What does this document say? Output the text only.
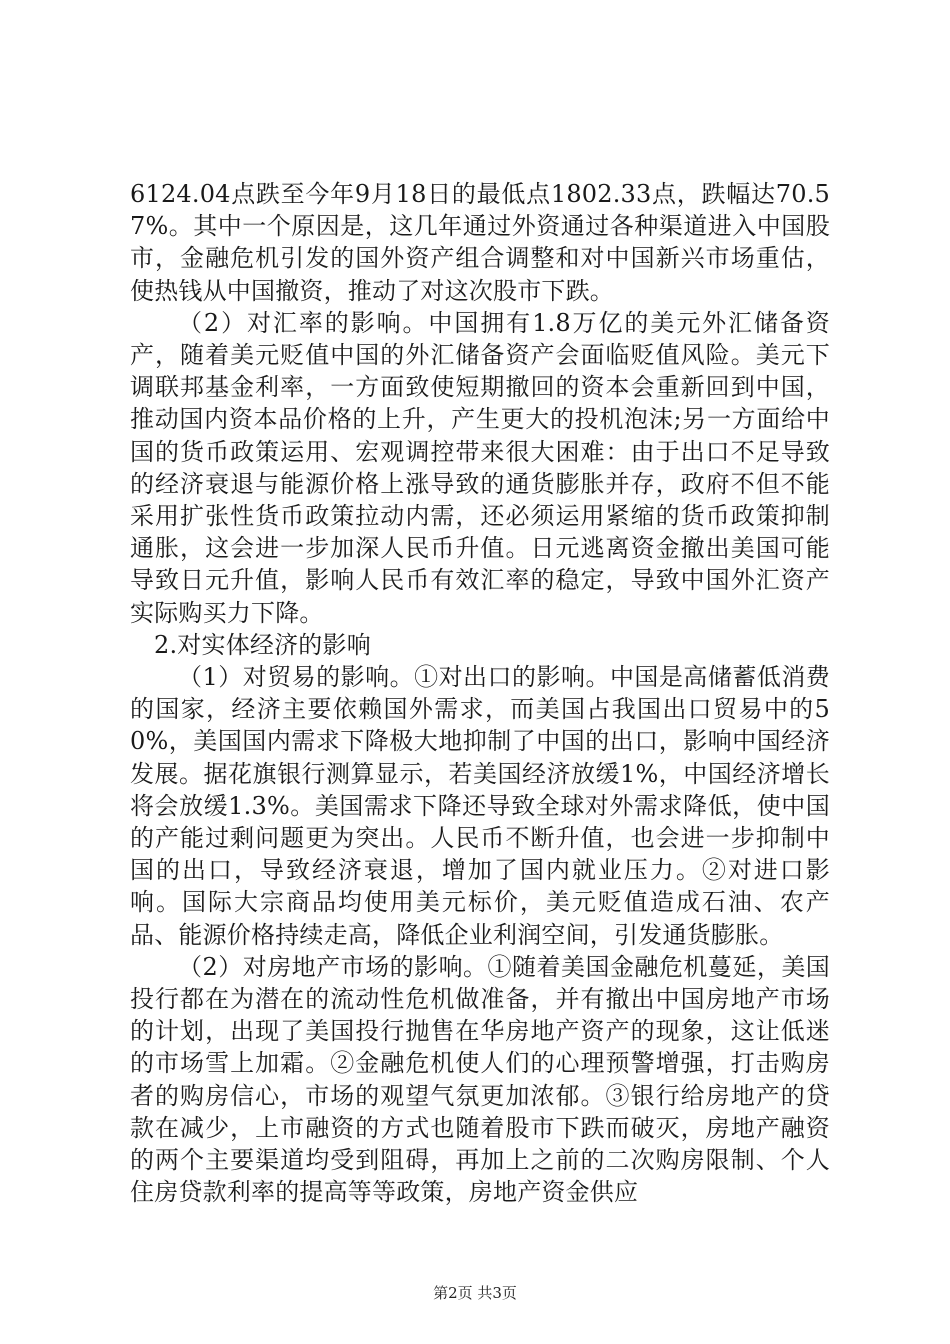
6124.04点跌至今年9月18日的最低点1802.33点，跌幅达70.57%。其中一个原因是，这几年通过外资通过各种渠道进入中国股市，金融危机引发的国外资产组合调整和对中国新兴市场重估，使热钱从中国撤资，推动了对这次股市下跌。

（2）对汇率的影响。中国拥有1.8万亿的美元外汇储备资产，随着美元贬值中国的外汇储备资产会面临贬值风险。美元下调联邦基金利率，一方面致使短期撤回的资本会重新回到中国，推动国内资本品价格的上升，产生更大的投机泡沫;另一方面给中国的货币政策运用、宏观调控带来很大困难：由于出口不足导致的经济衰退与能源价格上涨导致的通货膨胀并存，政府不但不能采用扩张性货币政策拉动内需，还必须运用紧缩的货币政策抑制通胀，这会进一步加深人民币升值。日元逃离资金撤出美国可能导致日元升值，影响人民币有效汇率的稳定，导致中国外汇资产实际购买力下降。

2.对实体经济的影响

（1）对贸易的影响。①对出口的影响。中国是高储蓄低消费的国家，经济主要依赖国外需求，而美国占我国出口贸易中的50%，美国国内需求下降极大地抑制了中国的出口，影响中国经济发展。据花旗银行测算显示，若美国经济放缓1%，中国经济增长将会放缓1.3%。美国需求下降还导致全球对外需求降低，使中国的产能过剩问题更为突出。人民币不断升值，也会进一步抑制中国的出口，导致经济衰退，增加了国内就业压力。②对进口影响。国际大宗商品均使用美元标价，美元贬值造成石油、农产品、能源价格持续走高，降低企业利润空间，引发通货膨胀。

（2）对房地产市场的影响。①随着美国金融危机蔓延，美国投行都在为潜在的流动性危机做准备，并有撤出中国房地产市场的计划，出现了美国投行抛售在华房地产资产的现象，这让低迷的市场雪上加霜。②金融危机使人们的心理预警增强，打击购房者的购房信心，市场的观望气氛更加浓郁。③银行给房地产的贷款在减少，上市融资的方式也随着股市下跌而破灭，房地产融资的两个主要渠道均受到阻碍，再加上之前的二次购房限制、个人住房贷款利率的提高等等政策，房地产资金供应

第2页 共3页
